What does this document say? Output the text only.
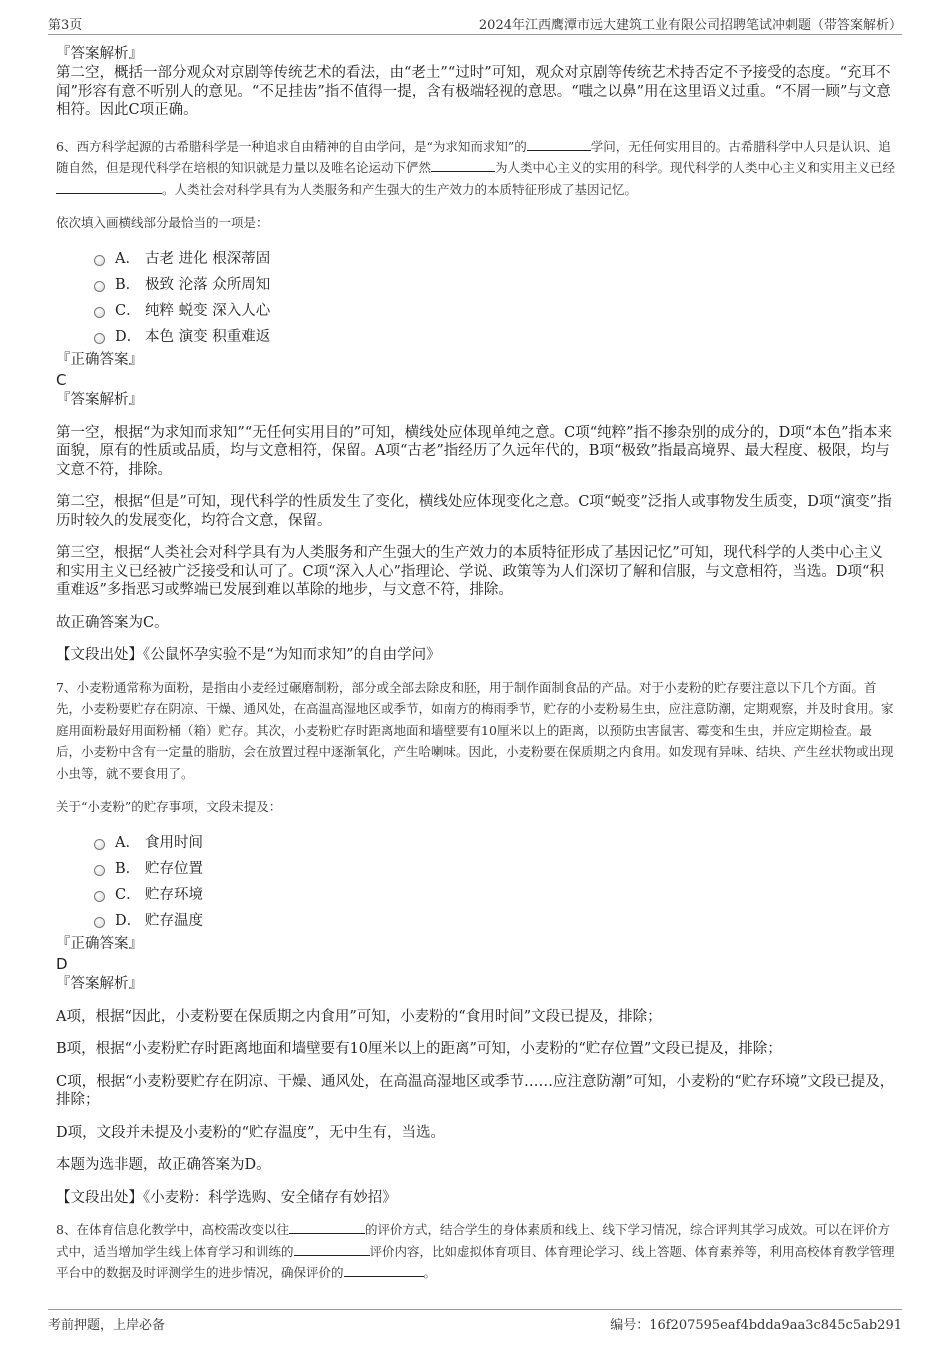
第3页	2024年江西鹰潭市远大建筑工业有限公司招聘笔试冲刺题（带答案解析）

『答案解析』

第二空，概括一部分观众对京剧等传统艺术的看法，由“老土”“过时”可知，观众对京剧等传统艺术持否定不予接受的态度。“充耳不闻”形容有意不听别人的意见。“不足挂齿”指不值得一提，含有极端轻视的意思。“嗤之以鼻”用在这里语义过重。“不屑一顾”与文意相符。因此C项正确。

6、西方科学起源的古希腊科学是一种追求自由精神的自由学问，是“为求知而求知”的	学问，无任何实用目的。古希腊科学中人只是认识、追随自然，但是现代科学在培根的知识就是力量以及唯名论运动下俨然	为人类中心主义的实用的科学。现代科学的人类中心主义和实用主义已经。人类社会对科学具有为人类服务和产生强大的生产效力的本质特征形成了基因记忆。

依次填入画横线部分最恰当的一项是：

A． 古老 进化 根深蒂固
B． 极致 沦落 众所周知
C． 纯粹 蜕变 深入人心
D． 本色 演变 积重难返

『正确答案』

C

『答案解析』

第一空，根据“为求知而求知”“无任何实用目的”可知，横线处应体现单纯之意。C项“纯粹”指不掺杂别的成分的，D项“本色”指本来面貌，原有的性质或品质，均与文意相符，保留。A项“古老”指经历了久远年代的，B项“极致”指最高境界、最大程度、极限，均与文意不符，排除。

第二空，根据“但是”可知，现代科学的性质发生了变化，横线处应体现变化之意。C项“蜕变”泛指人或事物发生质变，D项“演变”指历时较久的发展变化，均符合文意，保留。

第三空，根据“人类社会对科学具有为人类服务和产生强大的生产效力的本质特征形成了基因记忆”可知，现代科学的人类中心主义和实用主义已经被广泛接受和认可了。C项“深入人心”指理论、学说、政策等为人们深切了解和信服，与文意相符，当选。D项“积重难返”多指恶习或弊端已发展到难以革除的地步，与文意不符，排除。

故正确答案为C。

【文段出处】《公鼠怀孕实验不是“为知而求知”的自由学问》

7、小麦粉通常称为面粉，是指由小麦经过碾磨制粉，部分或全部去除皮和胚，用于制作面制食品的产品。对于小麦粉的贮存要注意以下几个方面。首先，小麦粉要贮存在阴凉、干燥、通风处，在高温高湿地区或季节，如南方的梅雨季节，贮存的小麦粉易生虫，应注意防潮，定期观察，并及时食用。家庭用面粉最好用面粉桶（箱）贮存。其次，小麦粉贮存时距离地面和墙壁要有10厘米以上的距离，以预防虫害鼠害、霉变和生虫，并应定期检查。最后，小麦粉中含有一定量的脂肪，会在放置过程中逐渐氧化，产生哈喇味。因此，小麦粉要在保质期之内食用。如发现有异味、结块、产生丝状物或出现小虫等，就不要食用了。

关于“小麦粉”的贮存事项，文段未提及：

A． 食用时间
B． 贮存位置
C． 贮存环境
D． 贮存温度

『正确答案』

D

『答案解析』

A项，根据“因此，小麦粉要在保质期之内食用”可知，小麦粉的“食用时间”文段已提及，排除；

B项，根据“小麦粉贮存时距离地面和墙壁要有10厘米以上的距离”可知，小麦粉的“贮存位置”文段已提及，排除；

C项，根据“小麦粉要贮存在阴凉、干燥、通风处，在高温高湿地区或季节……应注意防潮”可知，小麦粉的“贮存环境”文段已提及，排除；

D项，文段并未提及小麦粉的“贮存温度”，无中生有，当选。

本题为选非题，故正确答案为D。

【文段出处】《小麦粉：科学选购、安全储存有妙招》

8、在体育信息化教学中，高校需改变以往	的评价方式，结合学生的身体素质和线上、线下学习情况，综合评判其学习成效。可以在评价方式中，适当增加学生线上体育学习和训练的	评价内容，比如虚拟体育项目、体育理论学习、线上答题、体育素养等，利用高校体育教学管理平台中的数据及时评测学生的进步情况，确保评价的	。

考前押题，上岸必备	编号：16f207595eaf4bdda9aa3c845c5ab291
